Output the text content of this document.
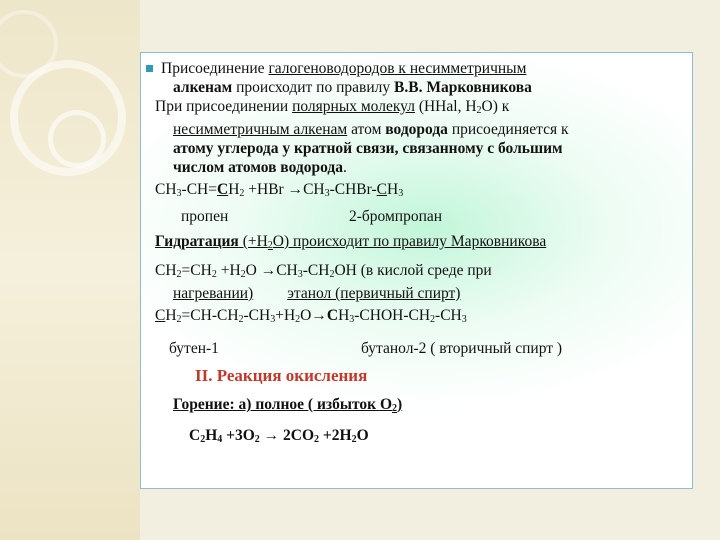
Присоединение галогеноводородов к несимметричным

алкенам происходит по правилу В.В. Марковникова

При присоединении полярных молекул (HHal, $H_2O$) к

несимметричным алкенам атом водорода присоединяется к

атому углерода у кратной связи, связанному с большим

числом атомов водорода.

$CH_3-CH=CH_2 +HBr$ $\to CH_3-CHBr-CH_3$

пропен	2-бромпропан

Гидратация $(+H_2O)$ происходит по правилу Марковникова

$CH_2=CH_2 +H_2O \to CH_3-CH_2OH$ (в кислой среде при

нагревании) этанол (первичный спирт)

$CH_2=CH-CH_2-CH_3+H_2O\to CH_3-CHOH-CH_2-CH_3$

бутен-1	бутанол-2 ( вторичный спирт )

II. Реакция окисления

Горение: а) полное ( избыток $O_2$)

$C_2H_4 +3O_2 \to 2CO_2 +2H_2O$
